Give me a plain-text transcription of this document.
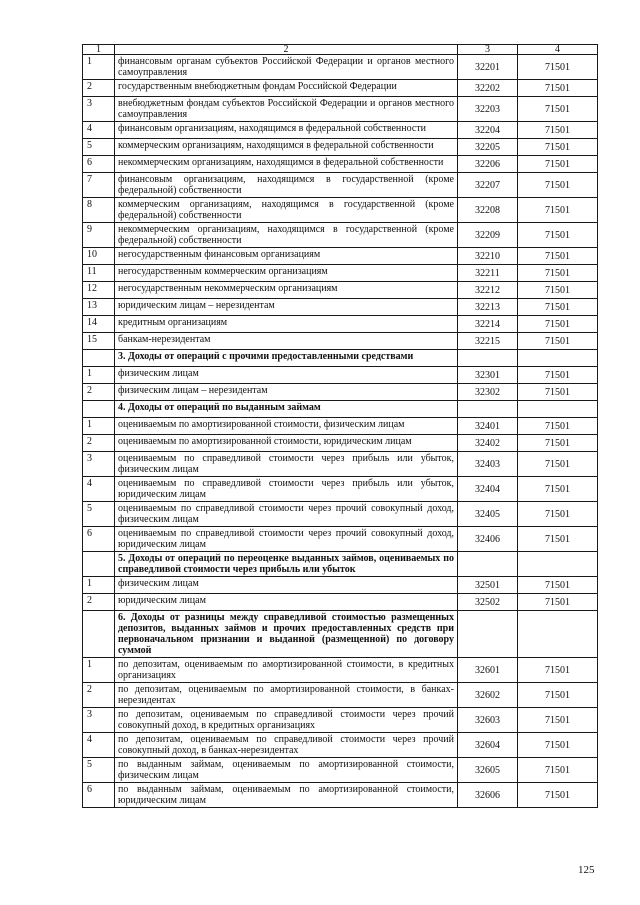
1	2	3	4
1	финансовым органам субъектов Российской Федерации и органов местного самоуправления	32201	71501
2	государственным внебюджетным фондам Российской Федерации	32202	71501
3	внебюджетным фондам субъектов Российской Федерации и органов местного самоуправления	32203	71501
4	финансовым организациям, находящимся в федеральной собственности	32204	71501
5	коммерческим организациям, находящимся в федеральной собственности	32205	71501
6	некоммерческим организациям, находящимся в федеральной собственности	32206	71501
7	финансовым организациям, находящимся в государственной (кроме федеральной) собственности	32207	71501
8	коммерческим организациям, находящимся в государственной (кроме федеральной) собственности	32208	71501
9	некоммерческим организациям, находящимся в государственной (кроме федеральной) собственности	32209	71501
10	негосударственным финансовым организациям	32210	71501
11	негосударственным коммерческим организациям	32211	71501
12	негосударственным некоммерческим организациям	32212	71501
13	юридическим лицам – нерезидентам	32213	71501
14	кредитным организациям	32214	71501
15	банкам-нерезидентам	32215	71501
	3. Доходы от операций с прочими предоставленными средствами		
1	физическим лицам	32301	71501
2	физическим лицам – нерезидентам	32302	71501
	4. Доходы от операций по выданным займам		
1	оцениваемым по амортизированной стоимости, физическим лицам	32401	71501
2	оцениваемым по амортизированной стоимости, юридическим лицам	32402	71501
3	оцениваемым по справедливой стоимости через прибыль или убыток, физическим лицам	32403	71501
4	оцениваемым по справедливой стоимости через прибыль или убыток, юридическим лицам	32404	71501
5	оцениваемым по справедливой стоимости через прочий совокупный доход, физическим лицам	32405	71501
6	оцениваемым по справедливой стоимости через прочий совокупный доход, юридическим лицам	32406	71501
	5. Доходы от операций по переоценке выданных займов, оцениваемых по справедливой стоимости через прибыль или убыток		
1	физическим лицам	32501	71501
2	юридическим лицам	32502	71501
	6. Доходы от разницы между справедливой стоимостью размещенных депозитов, выданных займов и прочих предоставленных средств при первоначальном признании и выданной (размещенной) по договору суммой		
1	по депозитам, оцениваемым по амортизированной стоимости, в кредитных организациях	32601	71501
2	по депозитам, оцениваемым по амортизированной стоимости, в банках-нерезидентах	32602	71501
3	по депозитам, оцениваемым по справедливой стоимости через прочий совокупный доход, в кредитных организациях	32603	71501
4	по депозитам, оцениваемым по справедливой стоимости через прочий совокупный доход, в банках-нерезидентах	32604	71501
5	по выданным займам, оцениваемым по амортизированной стоимости, физическим лицам	32605	71501
6	по выданным займам, оцениваемым по амортизированной стоимости, юридическим лицам	32606	71501
125
